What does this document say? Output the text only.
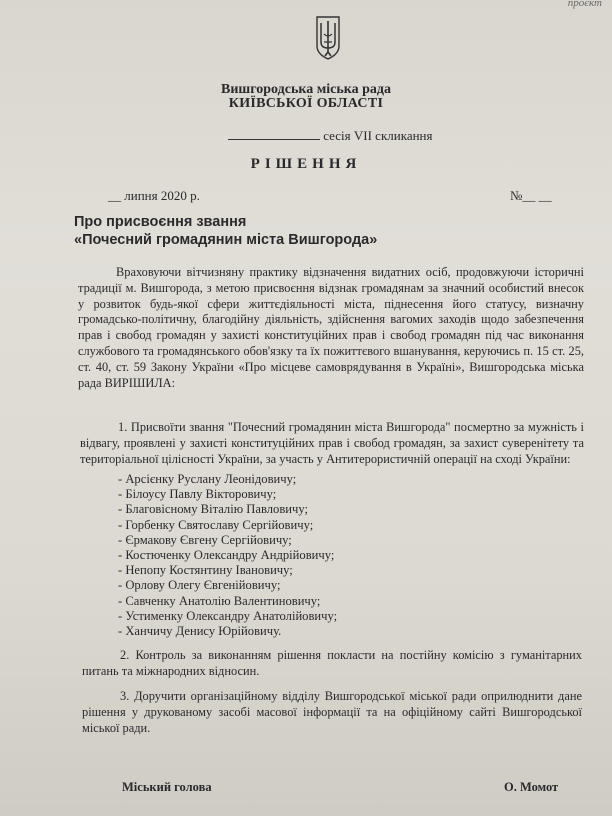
проєкт
Вишгородська міська рада
КИЇВСЬКОЇ ОБЛАСТІ
сесія VII скликання
РІШЕННЯ
__ липня 2020 р.	№__ __
Про присвоєння звання
«Почесний громадянин міста Вишгорода»
Враховуючи вітчизняну практику відзначення видатних осіб, продовжуючи історичні традиції м. Вишгорода, з метою присвоєння відзнак громадянам за значний особистий внесок у розвиток будь-якої сфери життєдіяльності міста, піднесення його статусу, визначну громадсько-політичну, благодійну діяльність, здійснення вагомих заходів щодо забезпечення прав і свобод громадян у захисті конституційних прав і свобод громадян під час виконання службового та громадянського обов'язку та їх пожиттєвого вшанування, керуючись п. 15 ст. 25, ст. 40, ст. 59 Закону України «Про місцеве самоврядування в Україні», Вишгородська міська рада ВИРІШИЛА:
1. Присвоїти звання "Почесний громадянин міста Вишгорода" посмертно за мужність і відвагу, проявлені у захисті конституційних прав і свобод громадян, за захист суверенітету та територіальної цілісності України, за участь у Антитерористичній операції на сході України:
- Арсієнку Руслану Леонідовичу;
- Білоусу Павлу Вікторовичу;
- Благовісному Віталію Павловичу;
- Горбенку Святославу Сергійовичу;
- Єрмакову Євгену Сергійовичу;
- Костюченку Олександру Андрійовичу;
- Непопу Костянтину Івановичу;
- Орлову Олегу Євгенійовичу;
- Савченку Анатолію Валентиновичу;
- Устименку Олександру Анатолійовичу;
- Ханчичу Денису Юрійовичу.
2. Контроль за виконанням рішення покласти на постійну комісію з гуманітарних питань та міжнародних відносин.
3. Доручити організаційному відділу Вишгородської міської ради оприлюднити дане рішення у друкованому засобі масової інформації та на офіційному сайті Вишгородської міської ради.
Міський голова	О. Момот
